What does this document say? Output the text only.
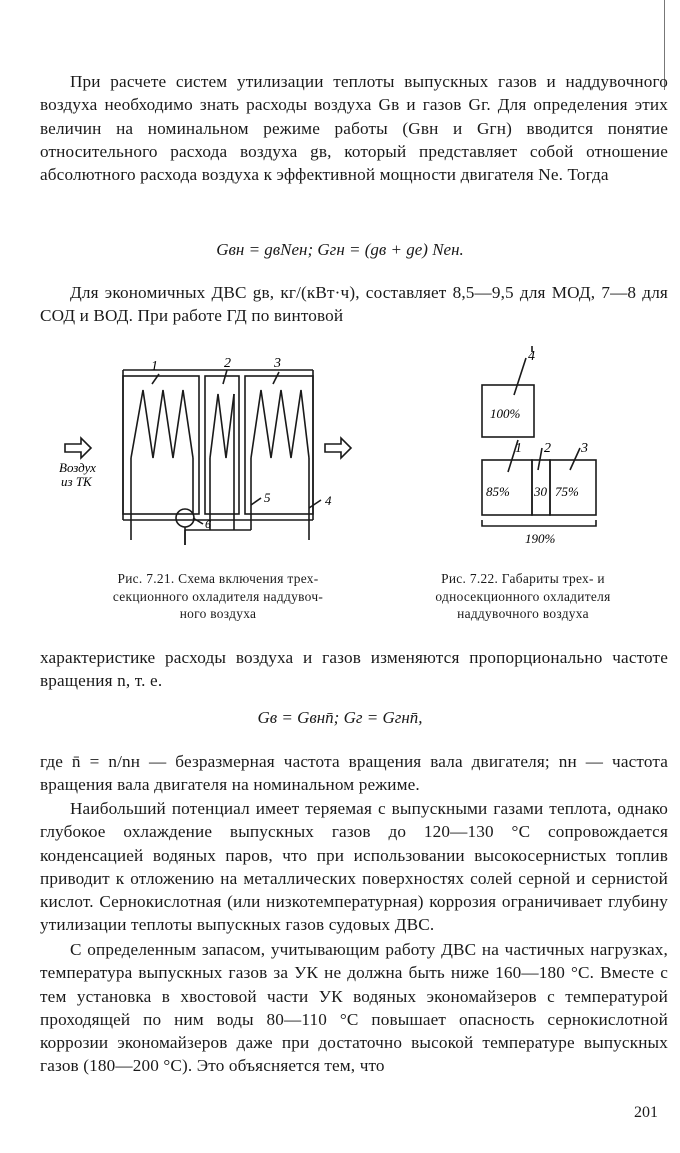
При расчете систем утилизации теплоты выпускных газов и наддувочного воздуха необходимо знать расходы воздуха Gв и газов Gг. Для определения этих величин на номинальном режиме работы (Gвн и Gгн) вводится понятие относительного расхода воздуха gв, который представляет собой отношение абсолютного расхода воздуха к эффективной мощности двигателя Ne. Тогда

Gвн = gвNeн; Gгн = (gв + ge) Neн.

Для экономичных ДВС gв, кг/(кВт·ч), составляет 8,5—9,5 для МОД, 7—8 для СОД и ВОД. При работе ГД по винтовой

1	2	3
4
5
6
Воздух
из ТК
Рис. 7.21. Схема включения трех-
секционного охладителя наддувоч-
ного воздуха
4
100%
1 2 3
85% 30 75%
190%
Рис. 7.22. Габариты трех- и
односекционного охладителя
наддувочного воздуха

характеристике расходы воздуха и газов изменяются пропорционально частоте вращения n, т. е.

Gв = Gвнn̄; Gг = Gгнn̄,

где n̄ = n/nн — безразмерная частота вращения вала двигателя; nн — частота вращения вала двигателя на номинальном режиме.

Наибольший потенциал имеет теряемая с выпускными газами теплота, однако глубокое охлаждение выпускных газов до 120—130 °С сопровождается конденсацией водяных паров, что при использовании высокосернистых топлив приводит к отложению на металлических поверхностях солей серной и сернистой кислот. Сернокислотная (или низкотемпературная) коррозия ограничивает глубину утилизации теплоты выпускных газов судовых ДВС.

С определенным запасом, учитывающим работу ДВС на частичных нагрузках, температура выпускных газов за УК не должна быть ниже 160—180 °С. Вместе с тем установка в хвостовой части УК водяных экономайзеров с температурой проходящей по ним воды 80—110 °С повышает опасность сернокислотной коррозии экономайзеров даже при достаточно высокой температуре выпускных газов (180—200 °С). Это объясняется тем, что

201
